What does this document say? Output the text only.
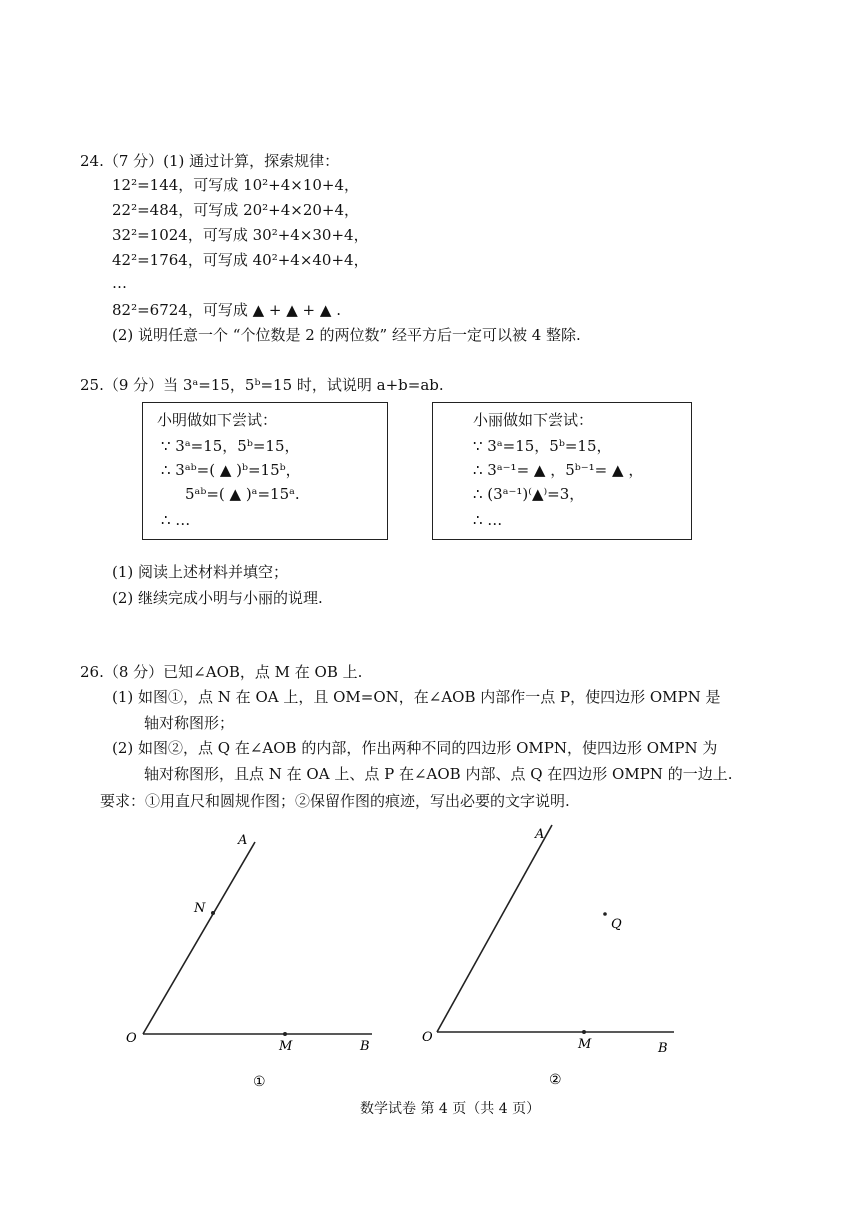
24.（7 分）(1) 通过计算，探索规律：
12²=144，可写成 10²+4×10+4，
22²=484，可写成 20²+4×20+4，
32²=1024，可写成 30²+4×30+4，
42²=1764，可写成 40²+4×40+4，
…
82²=6724，可写成 ▲ + ▲ + ▲ .
(2) 说明任意一个 “个位数是 2 的两位数” 经平方后一定可以被 4 整除.
25.（9 分）当 3ᵃ=15，5ᵇ=15 时，试说明 a+b=ab.
小明做如下尝试：
∵ 3ᵃ=15，5ᵇ=15，
∴ 3ᵃᵇ=( ▲ )ᵇ=15ᵇ，
5ᵃᵇ=( ▲ )ᵃ=15ᵃ.
∴ …
小丽做如下尝试：
∵ 3ᵃ=15，5ᵇ=15，
∴ 3ᵃ⁻¹= ▲ ，5ᵇ⁻¹= ▲ ，
∴ (3ᵃ⁻¹)⁽▲⁾=3，
∴ …
(1) 阅读上述材料并填空；
(2) 继续完成小明与小丽的说理.
26.（8 分）已知∠AOB，点 M 在 OB 上.
(1) 如图①，点 N 在 OA 上，且 OM=ON，在∠AOB 内部作一点 P，使四边形 OMPN 是
轴对称图形；
(2) 如图②，点 Q 在∠AOB 的内部，作出两种不同的四边形 OMPN，使四边形 OMPN 为
轴对称图形，且点 N 在 OA 上、点 P 在∠AOB 内部、点 Q 在四边形 OMPN 的一边上.
要求：①用直尺和圆规作图；②保留作图的痕迹，写出必要的文字说明.
A
N
O
M	B
①
A
Q
O	M	B
②
数学试卷 第 4 页（共 4 页）
